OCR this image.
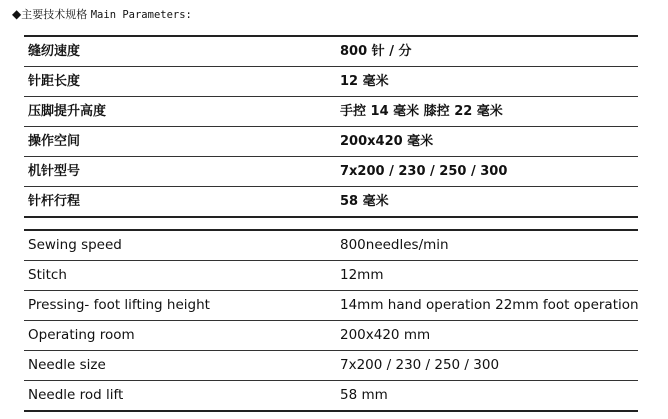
◆主要技术规格 Main Parameters:
缝纫速度	800 针 / 分
针距长度	12 毫米
压脚提升高度	手控 14 毫米 膝控 22 毫米
操作空间	200x420 毫米
机针型号	7x200 / 230 / 250 / 300
针杆行程	58 毫米
Sewing speed	800needles/min
Stitch	12mm
Pressing- foot lifting height	14mm hand operation 22mm foot operation
Operating room	200x420 mm
Needle size	7x200 / 230 / 250 / 300
Needle rod lift	58 mm
